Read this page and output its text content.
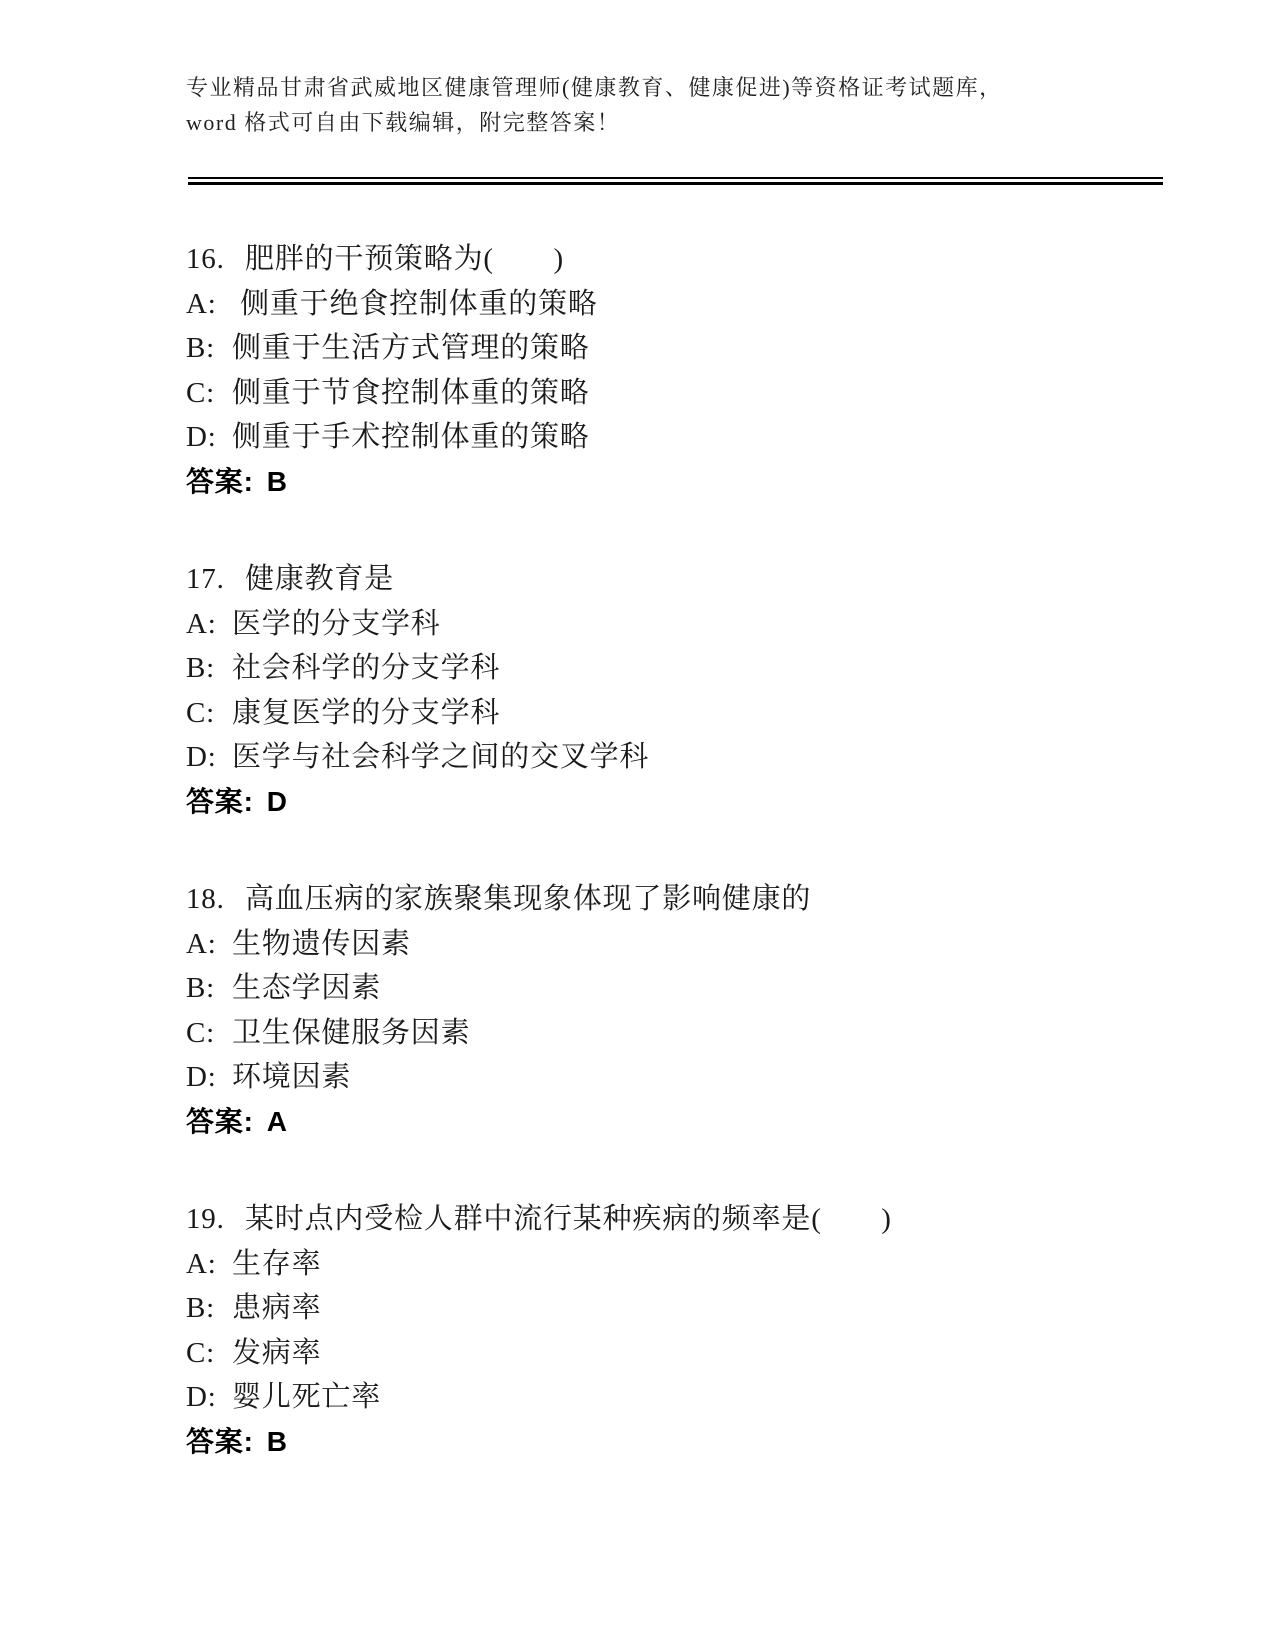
专业精品甘肃省武威地区健康管理师(健康教育、健康促进)等资格证考试题库，

word 格式可自由下载编辑，附完整答案！

16. 肥胖的干预策略为(　　)

A: 侧重于绝食控制体重的策略

B: 侧重于生活方式管理的策略

C: 侧重于节食控制体重的策略

D: 侧重于手术控制体重的策略

答案: B

17. 健康教育是

A: 医学的分支学科

B: 社会科学的分支学科

C: 康复医学的分支学科

D: 医学与社会科学之间的交叉学科

答案: D

18. 高血压病的家族聚集现象体现了影响健康的

A: 生物遗传因素

B: 生态学因素

C: 卫生保健服务因素

D: 环境因素

答案: A

19. 某时点内受检人群中流行某种疾病的频率是(　　)

A: 生存率

B: 患病率

C: 发病率

D: 婴儿死亡率

答案: B
